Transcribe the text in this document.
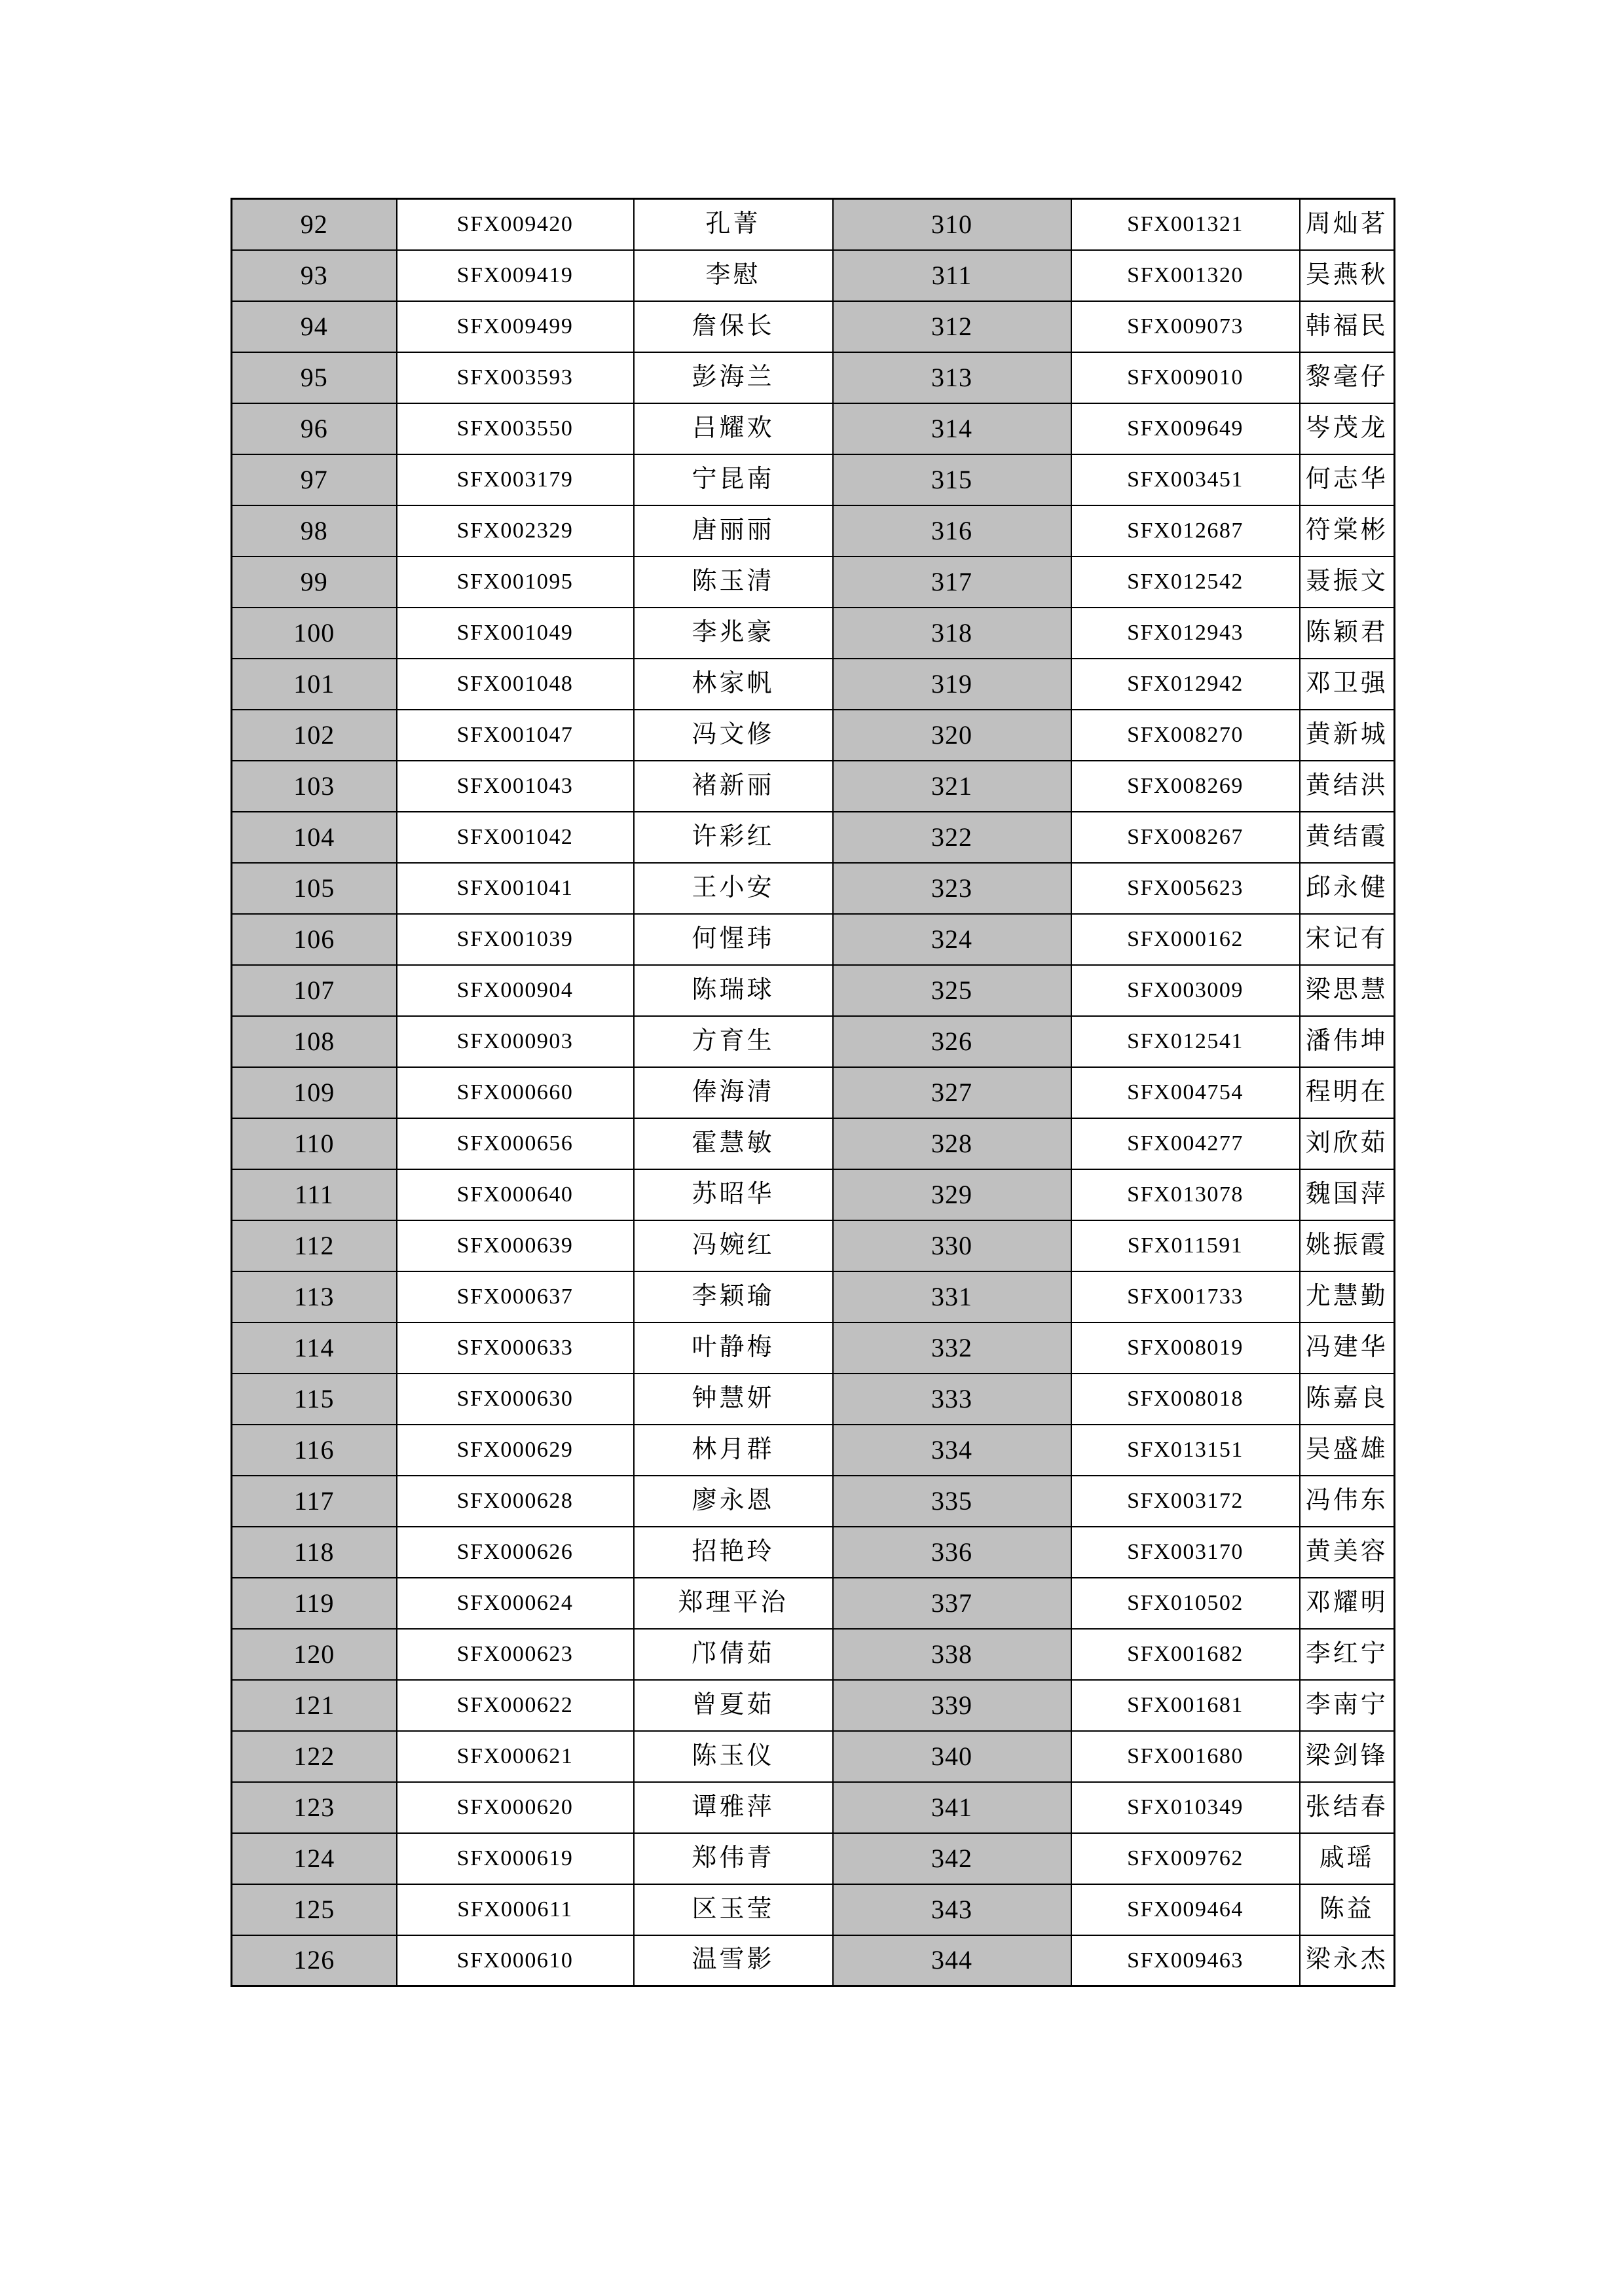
92	SFX009420	孔菁	310	SFX001321	周灿茗
93	SFX009419	李慰	311	SFX001320	吴燕秋
94	SFX009499	詹保长	312	SFX009073	韩福民
95	SFX003593	彭海兰	313	SFX009010	黎毫仔
96	SFX003550	吕耀欢	314	SFX009649	岑茂龙
97	SFX003179	宁昆南	315	SFX003451	何志华
98	SFX002329	唐丽丽	316	SFX012687	符棠彬
99	SFX001095	陈玉清	317	SFX012542	聂振文
100	SFX001049	李兆豪	318	SFX012943	陈颖君
101	SFX001048	林家帆	319	SFX012942	邓卫强
102	SFX001047	冯文修	320	SFX008270	黄新城
103	SFX001043	褚新丽	321	SFX008269	黄结洪
104	SFX001042	许彩红	322	SFX008267	黄结霞
105	SFX001041	王小安	323	SFX005623	邱永健
106	SFX001039	何惺玮	324	SFX000162	宋记有
107	SFX000904	陈瑞球	325	SFX003009	梁思慧
108	SFX000903	方育生	326	SFX012541	潘伟坤
109	SFX000660	俸海清	327	SFX004754	程明在
110	SFX000656	霍慧敏	328	SFX004277	刘欣茹
111	SFX000640	苏昭华	329	SFX013078	魏国萍
112	SFX000639	冯婉红	330	SFX011591	姚振霞
113	SFX000637	李颖瑜	331	SFX001733	尤慧勤
114	SFX000633	叶静梅	332	SFX008019	冯建华
115	SFX000630	钟慧妍	333	SFX008018	陈嘉良
116	SFX000629	林月群	334	SFX013151	吴盛雄
117	SFX000628	廖永恩	335	SFX003172	冯伟东
118	SFX000626	招艳玲	336	SFX003170	黄美容
119	SFX000624	郑理平治	337	SFX010502	邓耀明
120	SFX000623	邝倩茹	338	SFX001682	李红宁
121	SFX000622	曾夏茹	339	SFX001681	李南宁
122	SFX000621	陈玉仪	340	SFX001680	梁剑锋
123	SFX000620	谭雅萍	341	SFX010349	张结春
124	SFX000619	郑伟青	342	SFX009762	戚瑶
125	SFX000611	区玉莹	343	SFX009464	陈益
126	SFX000610	温雪影	344	SFX009463	梁永杰
